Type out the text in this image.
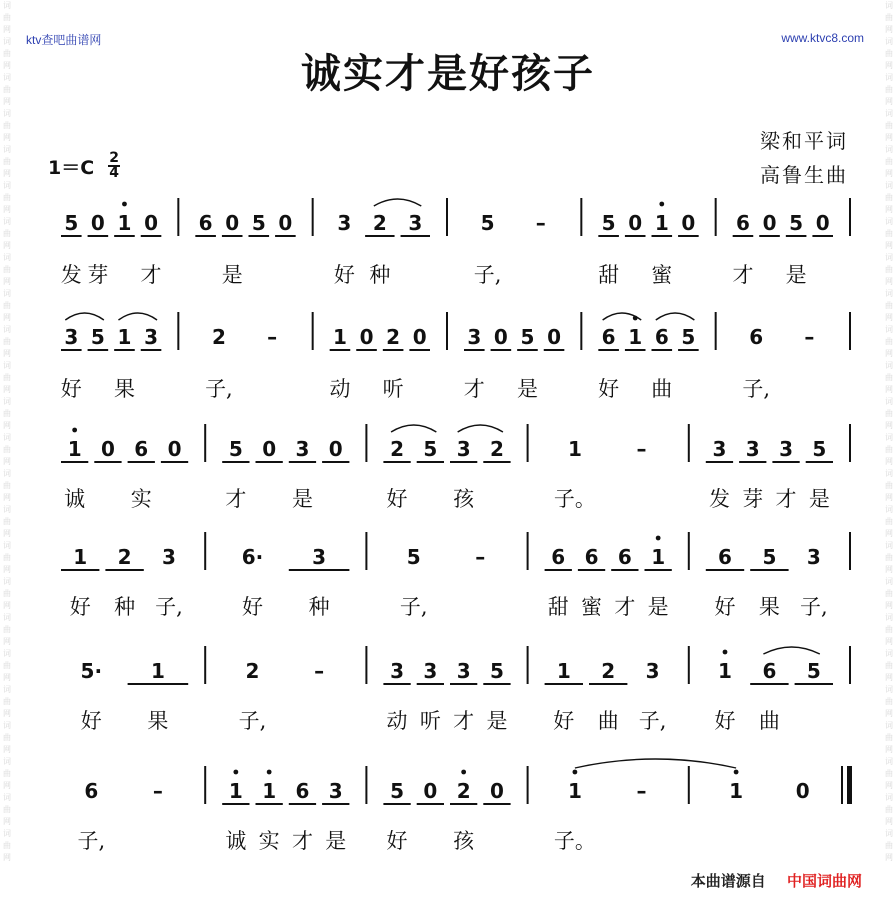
词
曲
网
词
曲
网
词
曲
网
词
曲
网
词
曲
网
词
曲
网
词
曲
网
词
曲
网
词
曲
网
词
曲
网
词
曲
网
词
曲
网
词
曲
网
词
曲
网
词
曲
网
词
曲
网
词
曲
网
词
曲
网
词
曲
网
词
曲
网
词
曲
网
词
曲
网
词
曲
网
词
曲
网
词
曲
网
词
曲
网
词
曲
网
词
曲
网
词
曲
网
词
曲
网
词
曲
网
词
曲
网
词
曲
网
词
曲
网
词
曲
网
词
曲
网
词
曲
网
词
曲
网
词
曲
网
词
曲
网
词
曲
网
词
曲
网
词
曲
网
词
曲
网
词
曲
网
词
曲
网
词
曲
网
词
曲
网
ktv查吧曲谱网	www.ktvc8.com
诚实才是好孩子
1＝C 2
4
梁和平词
高鲁生曲
5
发
0
芽
1 0
才
6 0
是
5 0 3
好
2
种
3	5
子,
–	5
甜
0 1
蜜
0 6
才
0 5
是
0
3
好
5 1
果
3	2
子,
–	1
动
0 2
听
0 3
才
0 5
是
0 6
好
1 6
曲
5	6
子,
–
1
诚
0 6
实
0 5
才
0 3
是
0 2
好
5 3
孩
2	1
子。
–	3
发
3
芽
3
才
5
是
1
好
2
种
3
子,
6·
好
3
种
5
子,
–	6
甜
6
蜜
6
才
1
是
6
好
5
果
3
子,
5·
好
1
果
2
子,
–	3
动
3
听
3
才
5
是
1
好
2
曲
3
子,
1
好
6
曲
5
6
子,
–	1
诚
1
实
6
才
3
是
5
好
0 2
孩
0	1
子。
–	1	0
本曲谱源自 中国词曲网
